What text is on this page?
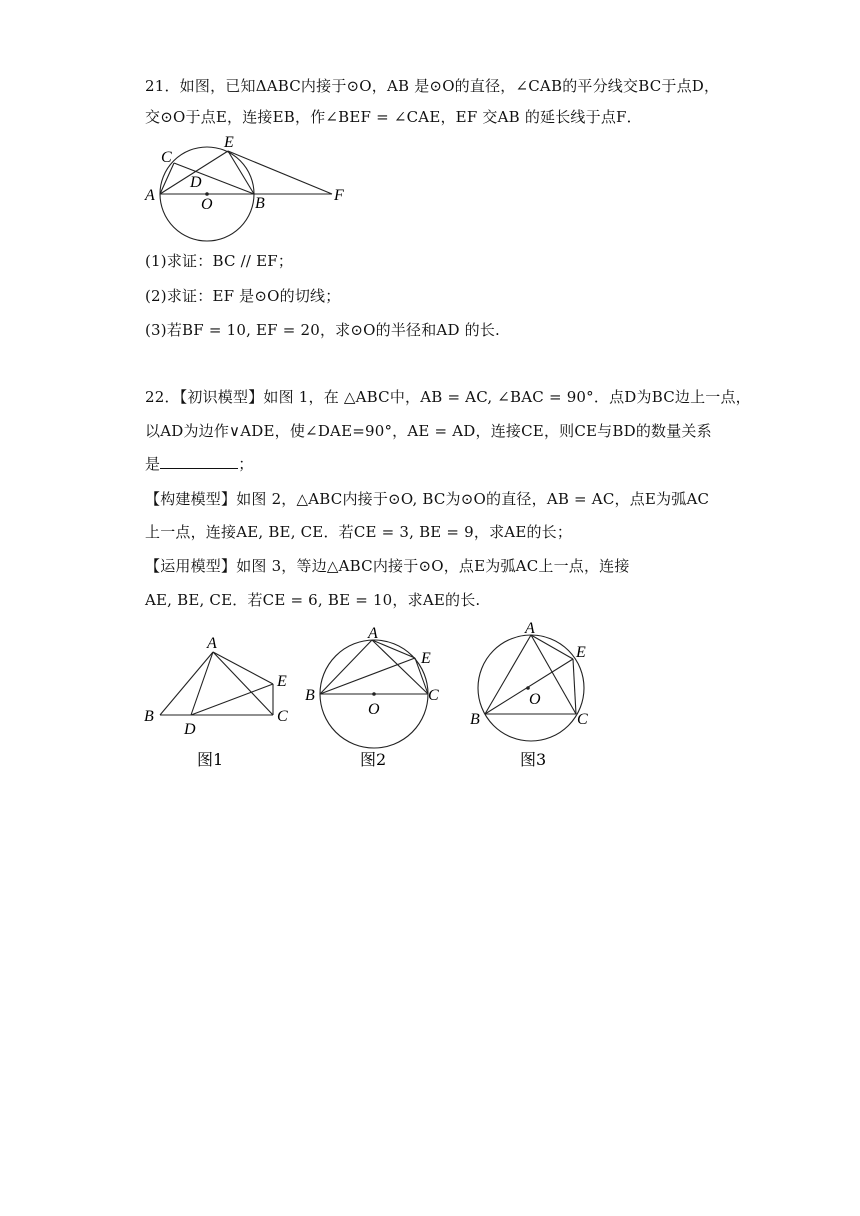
21．如图，已知ΔABC内接于⊙O，AB 是⊙O的直径，∠CAB的平分线交BC于点D，
交⊙O于点E，连接EB，作∠BEF = ∠CAE，EF 交AB 的延长线于点F．
A
C
D
E
O	B	F
(1)求证：BC // EF；
(2)求证：EF 是⊙O的切线；
(3)若BF = 10, EF = 20，求⊙O的半径和AD 的长.
22．【初识模型】如图 1，在 △ABC中，AB = AC, ∠BAC = 90°．点D为BC边上一点，
以AD为边作∨ADE，使∠DAE=90°，AE = AD，连接CE，则CE与BD的数量关系
是	；
【构建模型】如图 2，△ABC内接于⊙O, BC为⊙O的直径，AB = AC，点E为弧AC
上一点，连接AE, BE, CE．若CE = 3, BE = 9，求AE的长；
【运用模型】如图 3，等边△ABC内接于⊙O，点E为弧AC上一点，连接
AE, BE, CE．若CE = 6, BE = 10，求AE的长.
A
B
D
E
C
图1
A
E
B	C
O
图2
A
E
O
B	C
图3
